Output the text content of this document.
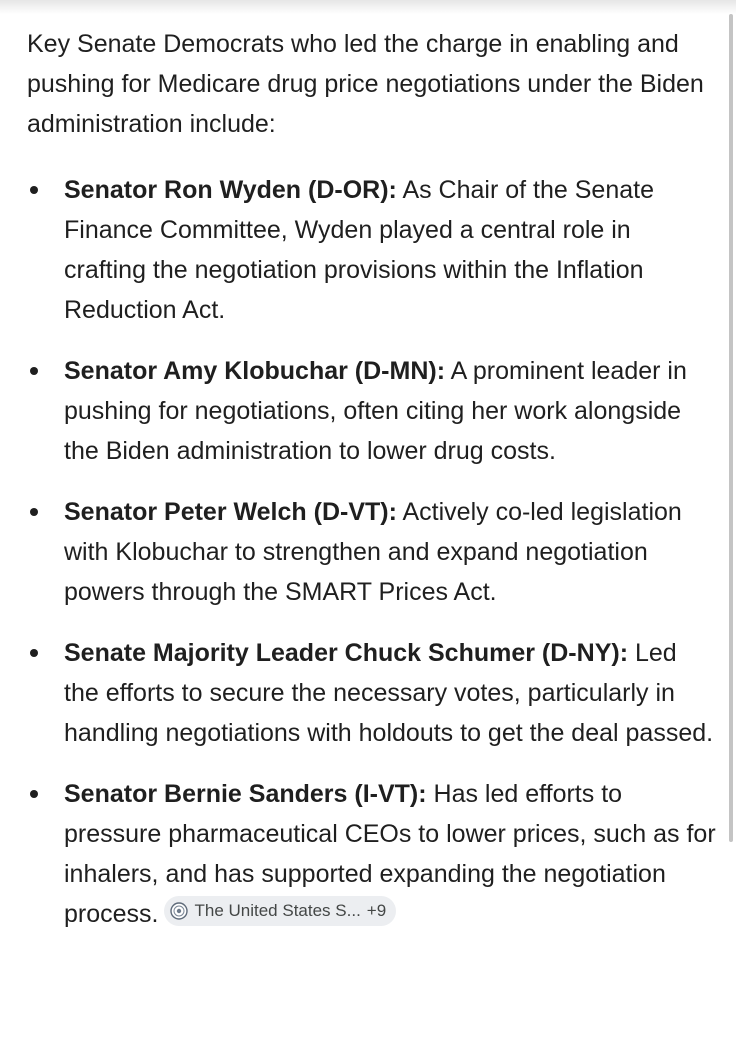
Key Senate Democrats who led the charge in enabling and pushing for Medicare drug price negotiations under the Biden administration include:

Senator Ron Wyden (D-OR): As Chair of the Senate Finance Committee, Wyden played a central role in crafting the negotiation provisions within the Inflation Reduction Act.
Senator Amy Klobuchar (D-MN): A prominent leader in pushing for negotiations, often citing her work alongside the Biden administration to lower drug costs.
Senator Peter Welch (D-VT): Actively co-led legislation with Klobuchar to strengthen and expand negotiation powers through the SMART Prices Act.
Senate Majority Leader Chuck Schumer (D-NY): Led the efforts to secure the necessary votes, particularly in handling negotiations with holdouts to get the deal passed.
Senator Bernie Sanders (I-VT): Has led efforts to pressure pharmaceutical CEOs to lower prices, such as for inhalers, and has supported expanding the negotiation process. The United States S... +9
